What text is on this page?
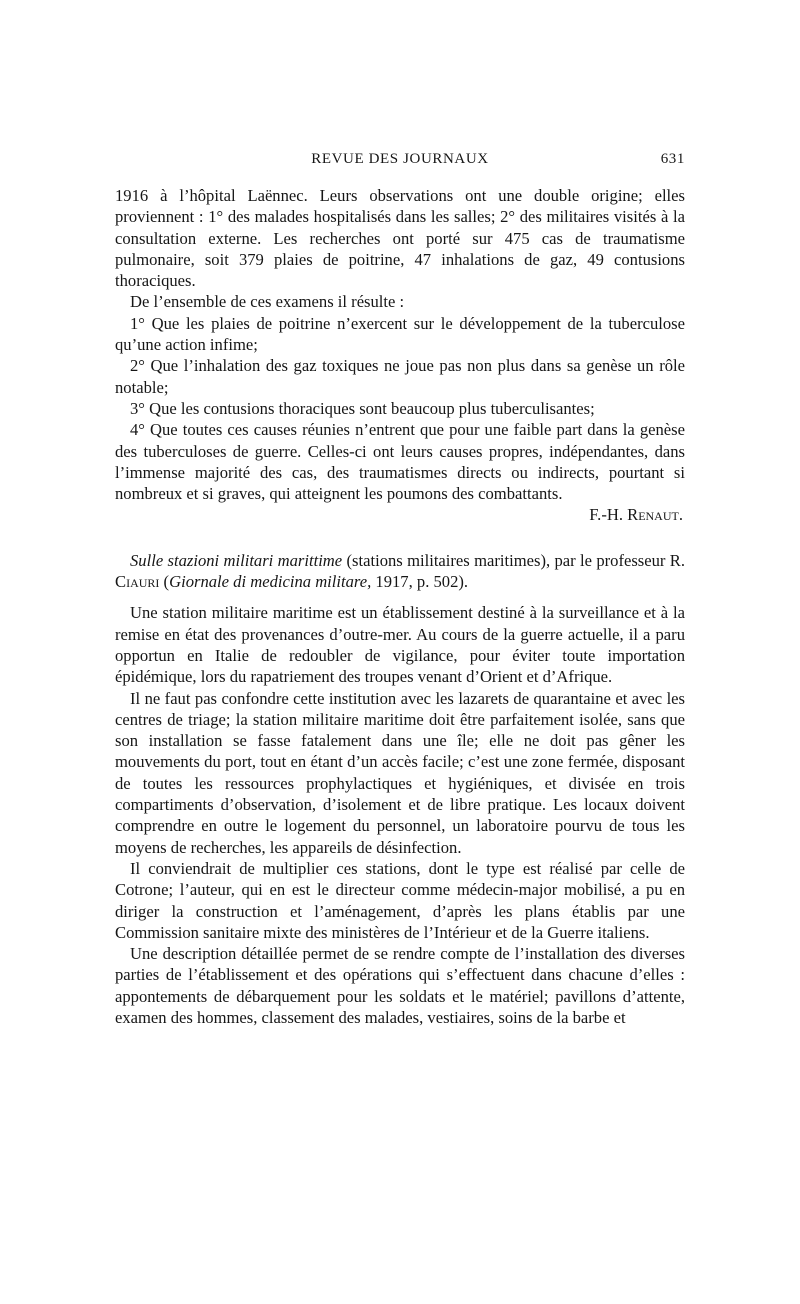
REVUE DES JOURNAUX	631

1916 à l’hôpital Laënnec. Leurs observations ont une double origine; elles proviennent : 1° des malades hospitalisés dans les salles; 2° des militaires visités à la consultation externe. Les recherches ont porté sur 475 cas de traumatisme pulmonaire, soit 379 plaies de poitrine, 47 inhalations de gaz, 49 contusions thoraciques.

De l’ensemble de ces examens il résulte :

1° Que les plaies de poitrine n’exercent sur le développement de la tuberculose qu’une action infime;

2° Que l’inhalation des gaz toxiques ne joue pas non plus dans sa genèse un rôle notable;

3° Que les contusions thoraciques sont beaucoup plus tuberculisantes;

4° Que toutes ces causes réunies n’entrent que pour une faible part dans la genèse des tuberculoses de guerre. Celles-ci ont leurs causes propres, indépendantes, dans l’immense majorité des cas, des traumatismes directs ou indirects, pourtant si nombreux et si graves, qui atteignent les poumons des combattants.

F.-H. Renaut.

Sulle stazioni militari marittime (stations militaires maritimes), par le professeur R. Ciauri (Giornale di medicina militare, 1917, p. 502).

Une station militaire maritime est un établissement destiné à la surveillance et à la remise en état des provenances d’outre-mer. Au cours de la guerre actuelle, il a paru opportun en Italie de redoubler de vigilance, pour éviter toute importation épidémique, lors du rapatriement des troupes venant d’Orient et d’Afrique.

Il ne faut pas confondre cette institution avec les lazarets de quarantaine et avec les centres de triage; la station militaire maritime doit être parfaitement isolée, sans que son installation se fasse fatalement dans une île; elle ne doit pas gêner les mouvements du port, tout en étant d’un accès facile; c’est une zone fermée, disposant de toutes les ressources prophylactiques et hygiéniques, et divisée en trois compartiments d’observation, d’isolement et de libre pratique. Les locaux doivent comprendre en outre le logement du personnel, un laboratoire pourvu de tous les moyens de recherches, les appareils de désinfection.

Il conviendrait de multiplier ces stations, dont le type est réalisé par celle de Cotrone; l’auteur, qui en est le directeur comme médecin-major mobilisé, a pu en diriger la construction et l’aménagement, d’après les plans établis par une Commission sanitaire mixte des ministères de l’Intérieur et de la Guerre italiens.

Une description détaillée permet de se rendre compte de l’installation des diverses parties de l’établissement et des opérations qui s’effectuent dans chacune d’elles : appontements de débarquement pour les soldats et le matériel; pavillons d’attente, examen des hommes, classement des malades, vestiaires, soins de la barbe et
